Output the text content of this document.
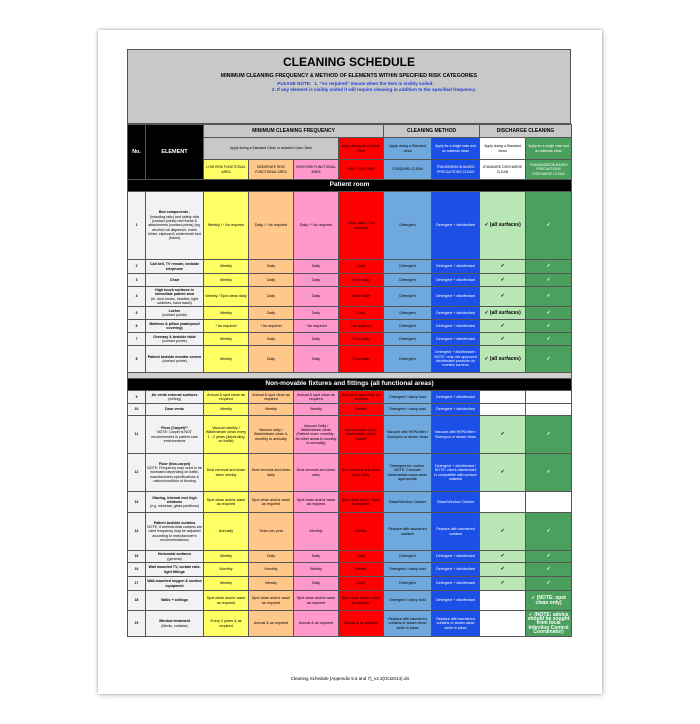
CLEANING SCHEDULE
MINIMUM CLEANING FREQUENCY & METHOD OF ELEMENTS WITHIN SPECIFIED RISK CATEGORIES
PLEASE NOTE: 1. "As required" means when the item is visibly soiled.
2. If any element is visibly soiled it will require cleaning in addition to the specified frequency.
No.	ELEMENT	MINIMUM CLEANING FREQUENCY				CLEANING METHOD		DISCHARGE CLEANING	
		Apply during a Standard Clean or Isolation Case Clean			Apply during an Outbreak Clean	Apply during a Standard clean	Apply for a single case and an outbreak clean	Apply during a Standard clean	Apply for a single case and an outbreak clean
		LOW RISK FUNCTIONAL AREA	MODERATE RISK FUNCTIONAL AREA	HIGH RISK FUNCTIONAL AREA	VERY HIGH RISK	STANDARD CLEAN	TRANSMISSION BASED PRECAUTIONS CLEAN	STANDARD DISCHARGE CLEAN	TRANSMISSION BASED PRECAUTIONS DISCHARGE CLEAN
Patient room									
1	Bed components -
(including rails) bed safety rails (contact points) bed frame & attachments (contact points) (eg. alcohol rub dispenser, notes folder, clipboard) underneath bed (frame)	Weekly / * As required	Daily / * As required	Daily / * As required	Twice daily / * As required	Detergent	Detergent + disinfectant	✓ (all surfaces)	✓
2	Call bell, TV remote, bedside telephone	Weekly	Daily	Daily	Daily	Detergent	Detergent + disinfectant	✓	✓
3	Chair	Weekly	Daily	Daily	Twice daily	Detergent	Detergent + disinfectant	✓	✓
4	High touch surfaces in immediate patient area
(ie. door knobs, handles, light switches, hand basin)	Weekly / Spot clean daily	Daily	Daily	Twice Daily	Detergent	Detergent + disinfectant	✓	✓
5	Locker
(contact points)	Weekly	Daily	Daily	Daily	Detergent	Detergent + disinfectant	✓ (all surfaces)	✓
6	Mattress & pillow (waterproof covering)	* As required	* As required	* As required	* As required	Detergent	Detergent + disinfectant	✓	✓
7	Overway & bedside table
(contact points)	Weekly	Daily	Daily	Twice daily	Detergent	Detergent + disinfectant	✓	✓
8	Patient bedside monitor screen
(contact points)	Weekly	Daily	Daily	Twice daily	Detergent	Detergent + disinfectant / NOTE: only use approved disinfectant products on monitor screens	✓ (all surfaces)	✓

Non-movable fixtures and fittings (all functional areas)									
9	Air vents external surfaces
(ceiling)	Annual & spot clean as required	Annual & spot clean as required	Annual & spot clean as required	Annual & spot clean as required	Detergent / damp dust	Detergent + disinfectant		
10	Door vents	Weekly	Weekly	Weekly	Weekly	Detergent / damp dust	Detergent + disinfectant		
11	Floor (Carpet)**
NOTE: Carpet is NOT recommended in patient care environments	Vacuum weekly / Wash/steam clean every 1 - 2 years (depending on traffic)	Vacuum daily / Wash/steam clean 6-monthly to annually	Vacuum Daily / Wash/steam clean (Patient room: monthly - All other areas 6-monthly to annually)	Vacuum twice daily / Wash/steam clean weekly	Vacuum with HEPA filter / Shampoo or steam clean	Vacuum with HEPA filter / Shampoo or steam clean	✓	✓
12	Floor (Non-carpet)
NOTE: Frequency may need to be increased depending on traffic, manufacturers specifications & nature/condition of flooring	Dust removal and clean twice weekly	Dust removal and clean daily	Dust removal and clean daily	Dust removal and clean twice daily	Detergent for routine. NOTE: Consider electrostatic mops when appropriate	Detergent + disinfectant / NOTE: check disinfectant is compatible with surface material	✓	✓
13	Glazing, internal excl high windows
(e.g. windows, glass partitions)	Spot clean and/or wash as required	Spot clean and/or wash as required	Spot clean and/or wash as required	Spot clean and/or wash as required	Glass/Window Cleaner	Glass/Window Cleaner		
14	Patient bedside curtains
NOTE: If antimicrobial curtains are used frequency may be adjusted according to manufacturer's recommendations	Annually	Twice per year	Monthly	Weekly	Replace with laundered curtains	Replace with laundered curtains	✓	✓
15	Horizontal surfaces
(general)	Weekly	Daily	Daily	Daily	Detergent	Detergent + disinfectant	✓	✓
16	Wall mounted TV, curtain rails, light fittings	Monthly	Monthly	Weekly	Weekly	Detergent / damp dust	Detergent + disinfectant	✓	✓
17	Wall-mounted oxygen & suction equipment	Weekly	Weekly	Daily	Daily	Detergent	Detergent + disinfectant	✓	✓
18	Walls + ceilings	Spot clean and/or wash as required	Spot clean and/or wash as required	Spot clean and/or wash as required	Spot clean and/or wash as required	Detergent / damp dust	Detergent + disinfectant		✓ (NOTE: spot clean only)
19	Window treatment
(blinds, curtains)	Every 2 years & as required	Annual & as required	Annual & as required	Annual & as required	Replace with laundered curtains or steam clean while in place	Replace with laundered curtains or steam clean while in place		✓ (NOTE: advice should be sought from local Infection Control Coordinator)
Cleaning Schedule (Appendix 5,6 and 7)_v2.3(Oct2014).xls
